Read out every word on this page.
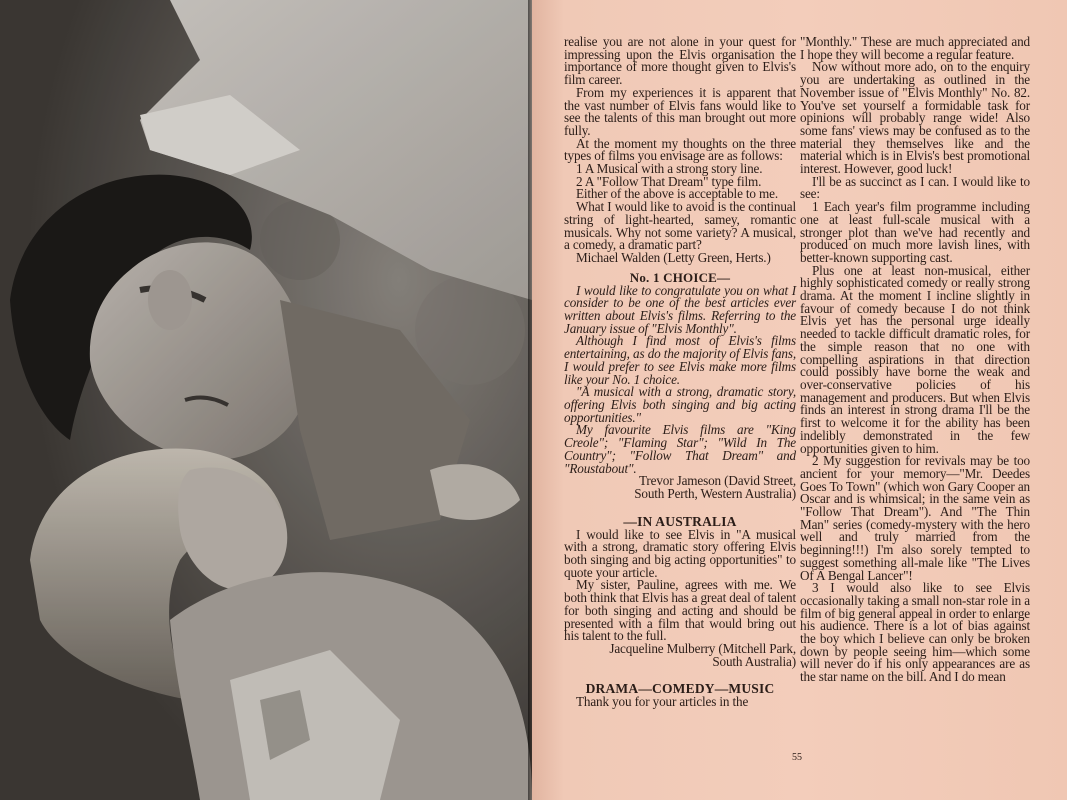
realise you are not alone in your quest for impressing upon the Elvis organisation the importance of more thought given to Elvis's film career.

From my experiences it is apparent that the vast number of Elvis fans would like to see the talents of this man brought out more fully.

At the moment my thoughts on the three types of films you envisage are as follows:

1 A Musical with a strong story line.

2 A "Follow That Dream" type film.

Either of the above is acceptable to me.

What I would like to avoid is the continual string of light-hearted, samey, romantic musicals. Why not some variety? A musical, a comedy, a dramatic part?

Michael Walden (Letty Green, Herts.)

No. 1 CHOICE—

I would like to congratulate you on what I consider to be one of the best articles ever written about Elvis's films. Referring to the January issue of "Elvis Monthly".

Although I find most of Elvis's films entertaining, as do the majority of Elvis fans, I would prefer to see Elvis make more films like your No. 1 choice.

"A musical with a strong, dramatic story, offering Elvis both singing and big acting opportunities."

My favourite Elvis films are "King Creole"; "Flaming Star"; "Wild In The Country"; "Follow That Dream" and "Roustabout".

Trevor Jameson (David Street,

South Perth, Western Australia)

—IN AUSTRALIA

I would like to see Elvis in "A musical with a strong, dramatic story offering Elvis both singing and big acting opportunities" to quote your article.

My sister, Pauline, agrees with me. We both think that Elvis has a great deal of talent for both singing and acting and should be presented with a film that would bring out his talent to the full.

Jacqueline Mulberry (Mitchell Park,

South Australia)

DRAMA—COMEDY—MUSIC

Thank you for your articles in the

"Monthly." These are much appreciated and I hope they will become a regular feature.

Now without more ado, on to the enquiry you are undertaking as outlined in the November issue of "Elvis Monthly" No. 82. You've set yourself a formidable task for opinions will probably range wide! Also some fans' views may be confused as to the material they themselves like and the material which is in Elvis's best promotional interest. However, good luck!

I'll be as succinct as I can. I would like to see:

1 Each year's film programme including one at least full-scale musical with a stronger plot than we've had recently and produced on much more lavish lines, with better-known supporting cast.

Plus one at least non-musical, either highly sophisticated comedy or really strong drama. At the moment I incline slightly in favour of comedy because I do not think Elvis yet has the personal urge ideally needed to tackle difficult dramatic roles, for the simple reason that no one with compelling aspirations in that direction could possibly have borne the weak and over-conservative policies of his management and producers. But when Elvis finds an interest in strong drama I'll be the first to welcome it for the ability has been indelibly demonstrated in the few opportunities given to him.

2 My suggestion for revivals may be too ancient for your memory—"Mr. Deedes Goes To Town" (which won Gary Cooper an Oscar and is whimsical; in the same vein as "Follow That Dream"). And "The Thin Man" series (comedy-mystery with the hero well and truly married from the beginning!!!) I'm also sorely tempted to suggest something all-male like "The Lives Of A Bengal Lancer"!

3 I would also like to see Elvis occasionally taking a small non-star role in a film of big general appeal in order to enlarge his audience. There is a lot of bias against the boy which I believe can only be broken down by people seeing him—which some will never do if his only appearances are as the star name on the bill. And I do mean

55
